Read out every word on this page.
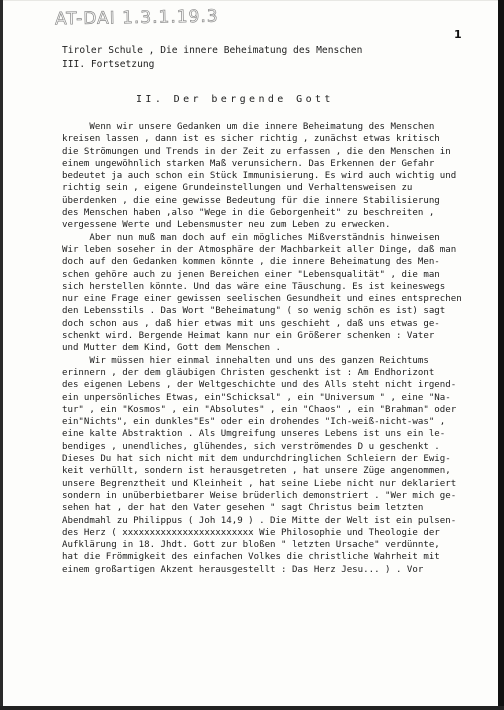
AT-DAI 1.3.1.19.3
1
Tiroler Schule , Die innere Beheimatung des Menschen
III. Fortsetzung
II. Der bergende Gott
Wenn wir unsere Gedanken um die innere Beheimatung des Menschen
kreisen lassen , dann ist es sicher richtig , zunächst etwas kritisch
die Strömungen und Trends in der Zeit zu erfassen , die den Menschen in
einem ungewöhnlich starken Maß verunsichern. Das Erkennen der Gefahr
bedeutet ja auch schon ein Stück Immunisierung. Es wird auch wichtig und
richtig sein , eigene Grundeinstellungen und Verhaltensweisen zu
überdenken , die eine gewisse Bedeutung für die innere Stabilisierung
des Menschen haben ,also "Wege in die Geborgenheit" zu beschreiten ,
vergessene Werte und Lebensmuster neu zum Leben zu erwecken.
Aber nun muß man doch auf ein mögliches Mißverständnis hinweisen
Wir leben soseher in der Atmosphäre der Machbarkeit aller Dinge, daß man
doch auf den Gedanken kommen könnte , die innere Beheimatung des Men-
schen gehöre auch zu jenen Bereichen einer "Lebensqualität" , die man
sich herstellen könnte. Und das wäre eine Täuschung. Es ist keineswegs
nur eine Frage einer gewissen seelischen Gesundheit und eines entsprechen
den Lebensstils . Das Wort "Beheimatung" ( so wenig schön es ist) sagt
doch schon aus , daß hier etwas mit uns geschieht , daß uns etwas ge-
schenkt wird. Bergende Heimat kann nur ein Größerer schenken : Vater
und Mutter dem Kind, Gott dem Menschen .
Wir müssen hier einmal innehalten und uns des ganzen Reichtums
erinnern , der dem gläubigen Christen geschenkt ist : Am Endhorizont
des eigenen Lebens , der Weltgeschichte und des Alls steht nicht irgend-
ein unpersönliches Etwas, ein"Schicksal" , ein "Universum " , eine "Na-
tur" , ein "Kosmos" , ein "Absolutes" , ein "Chaos" , ein "Brahman" oder
ein"Nichts", ein dunkles"Es" oder ein drohendes "Ich-weiß-nicht-was" ,
eine kalte Abstraktion . Als Umgreifung unseres Lebens ist uns ein le-
bendiges , unendliches, glühendes, sich verströmendes D u geschenkt .
Dieses Du hat sich nicht mit dem undurchdringlichen Schleiern der Ewig-
keit verhüllt, sondern ist herausgetreten , hat unsere Züge angenommen,
unsere Begrenztheit und Kleinheit , hat seine Liebe nicht nur deklariert
sondern in unüberbietbarer Weise brüderlich demonstriert . "Wer mich ge-
sehen hat , der hat den Vater gesehen " sagt Christus beim letzten
Abendmahl zu Philippus ( Joh 14,9 ) . Die Mitte der Welt ist ein pulsen-
des Herz ( xxxxxxxxxxxxxxxxxxxxxxxx Wie Philosophie und Theologie der
Aufklärung in 18. Jhdt. Gott zur bloßen " letzten Ursache" verdünnte,
hat die Frömmigkeit des einfachen Volkes die christliche Wahrheit mit
einem großartigen Akzent herausgestellt : Das Herz Jesu... ) . Vor
